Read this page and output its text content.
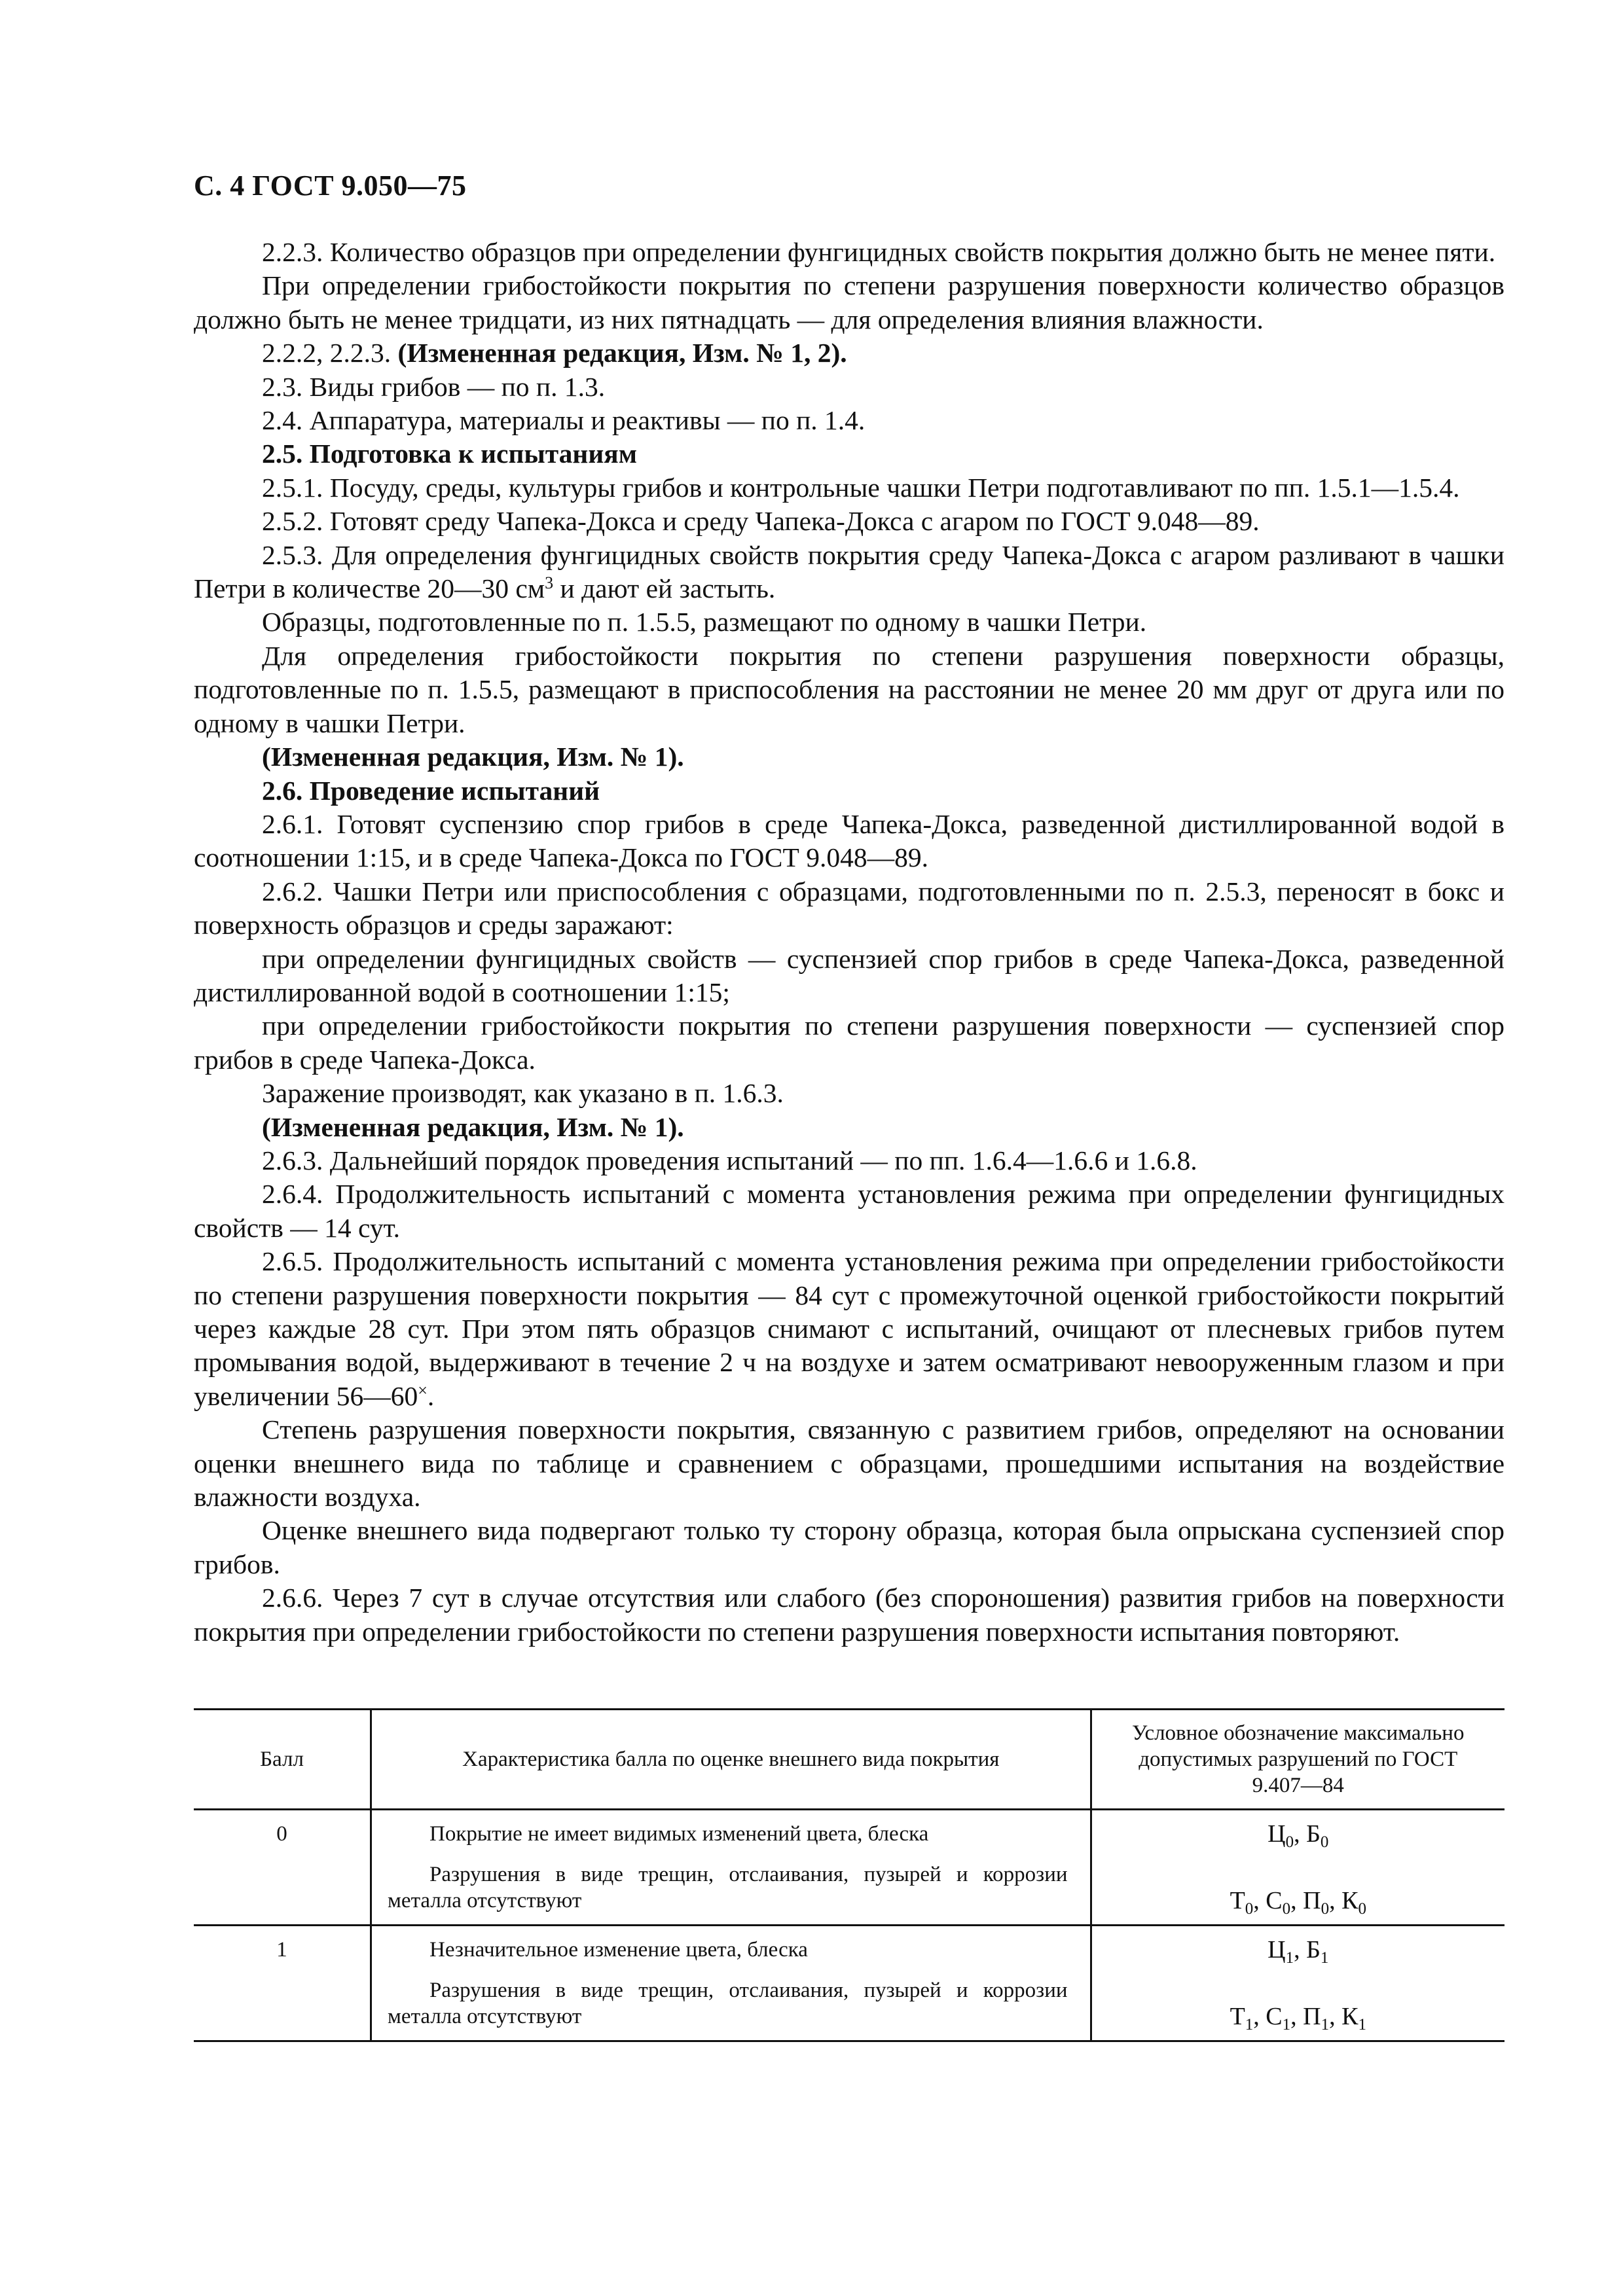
С. 4 ГОСТ 9.050—75

2.2.3. Количество образцов при определении фунгицидных свойств покрытия должно быть не менее пяти.

При определении грибостойкости покрытия по степени разрушения поверхности количество образцов должно быть не менее тридцати, из них пятнадцать — для определения влияния влажности.

2.2.2, 2.2.3. (Измененная редакция, Изм. № 1, 2).

2.3. Виды грибов — по п. 1.3.

2.4. Аппаратура, материалы и реактивы — по п. 1.4.

2.5. Подготовка к испытаниям

2.5.1. Посуду, среды, культуры грибов и контрольные чашки Петри подготавливают по пп. 1.5.1—1.5.4.

2.5.2. Готовят среду Чапека-Докса и среду Чапека-Докса с агаром по ГОСТ 9.048—89.

2.5.3. Для определения фунгицидных свойств покрытия среду Чапека-Докса с агаром разливают в чашки Петри в количестве 20—30 $см^3$ и дают ей застыть.

Образцы, подготовленные по п. 1.5.5, размещают по одному в чашки Петри.

Для определения грибостойкости покрытия по степени разрушения поверхности образцы, подготовленные по п. 1.5.5, размещают в приспособления на расстоянии не менее 20 мм друг от друга или по одному в чашки Петри.

(Измененная редакция, Изм. № 1).

2.6. Проведение испытаний

2.6.1. Готовят суспензию спор грибов в среде Чапека-Докса, разведенной дистиллированной водой в соотношении 1:15, и в среде Чапека-Докса по ГОСТ 9.048—89.

2.6.2. Чашки Петри или приспособления с образцами, подготовленными по п. 2.5.3, переносят в бокс и поверхность образцов и среды заражают:

при определении фунгицидных свойств — суспензией спор грибов в среде Чапека-Докса, разведенной дистиллированной водой в соотношении 1:15;

при определении грибостойкости покрытия по степени разрушения поверхности — суспензией спор грибов в среде Чапека-Докса.

Заражение производят, как указано в п. 1.6.3.

(Измененная редакция, Изм. № 1).

2.6.3. Дальнейший порядок проведения испытаний — по пп. 1.6.4—1.6.6 и 1.6.8.

2.6.4. Продолжительность испытаний с момента установления режима при определении фунгицидных свойств — 14 сут.

2.6.5. Продолжительность испытаний с момента установления режима при определении грибостойкости по степени разрушения поверхности покрытия — 84 сут с промежуточной оценкой грибостойкости покрытий через каждые 28 сут. При этом пять образцов снимают с испытаний, очищают от плесневых грибов путем промывания водой, выдерживают в течение 2 ч на воздухе и затем осматривают невооруженным глазом и при увеличении 56—60×.

Степень разрушения поверхности покрытия, связанную с развитием грибов, определяют на основании оценки внешнего вида по таблице и сравнением с образцами, прошедшими испытания на воздействие влажности воздуха.

Оценке внешнего вида подвергают только ту сторону образца, которая была опрыскана суспензией спор грибов.

2.6.6. Через 7 сут в случае отсутствия или слабого (без спороношения) развития грибов на поверхности покрытия при определении грибостойкости по степени разрушения поверхности испытания повторяют.

Балл	Характеристика балла по оценке внешнего вида покрытия	Условное обозначение максимально допустимых разрушений по ГОСТ 9.407—84

0	Покрытие не имеет видимых изменений цвета, блеска	$Ц_0$, $Б_0$

	Разрушения в виде трещин, отслаивания, пузырей и коррозии металла отсутствуют	$Т_0$, $С_0$, $П_0$, $К_0$

1	Незначительное изменение цвета, блеска	$Ц_1$, $Б_1$

	Разрушения в виде трещин, отслаивания, пузырей и коррозии металла отсутствуют	$Т_1$, $С_1$, $П_1$, $К_1$
